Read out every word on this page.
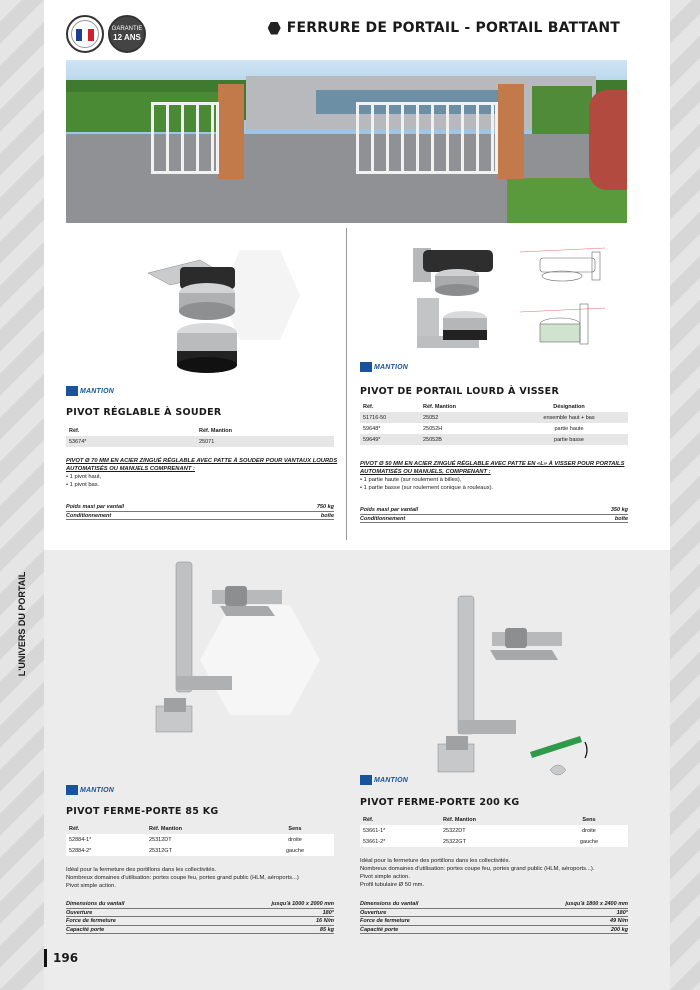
L'UNIVERS DU PORTAIL
GARANTIE
12 ANS
FERRURE DE PORTAIL - PORTAIL BATTANT
MANTION
PIVOT RÉGLABLE À SOUDER
Réf.	Réf. Mantion
53674*	25071
PIVOT Ø 70 MM EN ACIER ZINGUÉ RÉGLABLE AVEC PATTE À SOUDER POUR VANTAUX LOURDS AUTOMATISÉS OU MANUELS COMPRENANT :
• 1 pivot haut,
• 1 pivot bas.
Poids maxi par vantail	750 kg
Conditionnement	boîte
MANTION
PIVOT DE PORTAIL LOURD À VISSER
Réf.	Réf. Mantion	Désignation
51716-50	25052	ensemble haut + bas
59648*	25052H	partie haute
59649*	25052B	partie basse
PIVOT Ø 50 MM EN ACIER ZINGUÉ RÉGLABLE AVEC PATTE EN «L» À VISSER POUR PORTAILS AUTOMATISÉS OU MANUELS, COMPRENANT :
• 1 partie haute (sur roulement à billes),
• 1 partie basse (sur roulement conique à rouleaux).
Poids maxi par vantail	350 kg
Conditionnement	boîte
MANTION
PIVOT FERME-PORTE 85 KG
Réf.	Réf. Mantion	Sens
52884-1*	25312DT	droite
52884-2*	25312GT	gauche
Idéal pour la fermeture des portillons dans les collectivités.
Nombreux domaines d'utilisation: portes coupe feu, portes grand public (HLM, aéroports...)
Pivot simple action.
Dimensions du vantail	jusqu'à 1000 x 2000 mm
Ouverture	180°
Force de fermeture	16 N/m
Capacité porte	85 kg
MANTION
PIVOT FERME-PORTE 200 KG
Réf.	Réf. Mantion	Sens
53661-1*	25322DT	droite
53661-2*	25322GT	gauche
Idéal pour la fermeture des portillons dans les collectivités.
Nombreux domaines d'utilisation: portes coupe feu, portes grand public (HLM, aéroports...).
Pivot simple action.
Profil tubulaire Ø 50 mm.
Dimensions du vantail	jusqu'à 1800 x 2400 mm
Ouverture	180°
Force de fermeture	49 N/m
Capacité porte	200 kg
196
